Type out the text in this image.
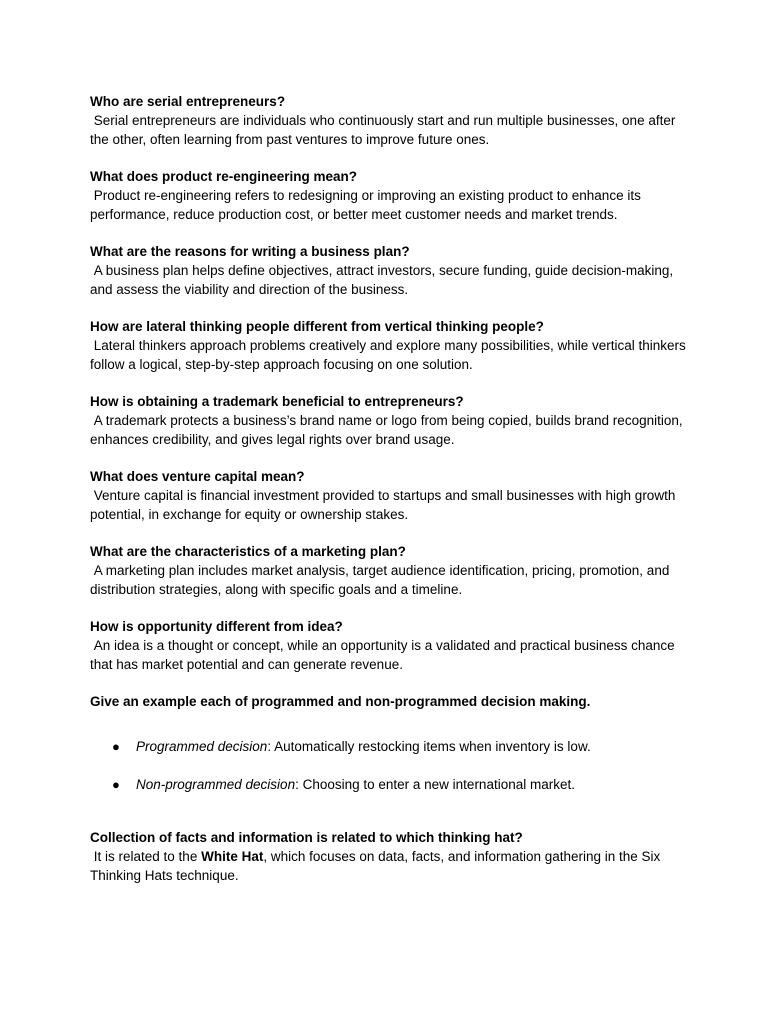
Who are serial entrepreneurs?

Serial entrepreneurs are individuals who continuously start and run multiple businesses, one after the other, often learning from past ventures to improve future ones.

What does product re-engineering mean?

Product re-engineering refers to redesigning or improving an existing product to enhance its performance, reduce production cost, or better meet customer needs and market trends.

What are the reasons for writing a business plan?

A business plan helps define objectives, attract investors, secure funding, guide decision-making, and assess the viability and direction of the business.

How are lateral thinking people different from vertical thinking people?

Lateral thinkers approach problems creatively and explore many possibilities, while vertical thinkers follow a logical, step-by-step approach focusing on one solution.

How is obtaining a trademark beneficial to entrepreneurs?

A trademark protects a business’s brand name or logo from being copied, builds brand recognition, enhances credibility, and gives legal rights over brand usage.

What does venture capital mean?

Venture capital is financial investment provided to startups and small businesses with high growth potential, in exchange for equity or ownership stakes.

What are the characteristics of a marketing plan?

A marketing plan includes market analysis, target audience identification, pricing, promotion, and distribution strategies, along with specific goals and a timeline.

How is opportunity different from idea?

An idea is a thought or concept, while an opportunity is a validated and practical business chance that has market potential and can generate revenue.

Give an example each of programmed and non-programmed decision making.

● Programmed decision: Automatically restocking items when inventory is low.
● Non-programmed decision: Choosing to enter a new international market.

Collection of facts and information is related to which thinking hat?

It is related to the White Hat, which focuses on data, facts, and information gathering in the Six Thinking Hats technique.
